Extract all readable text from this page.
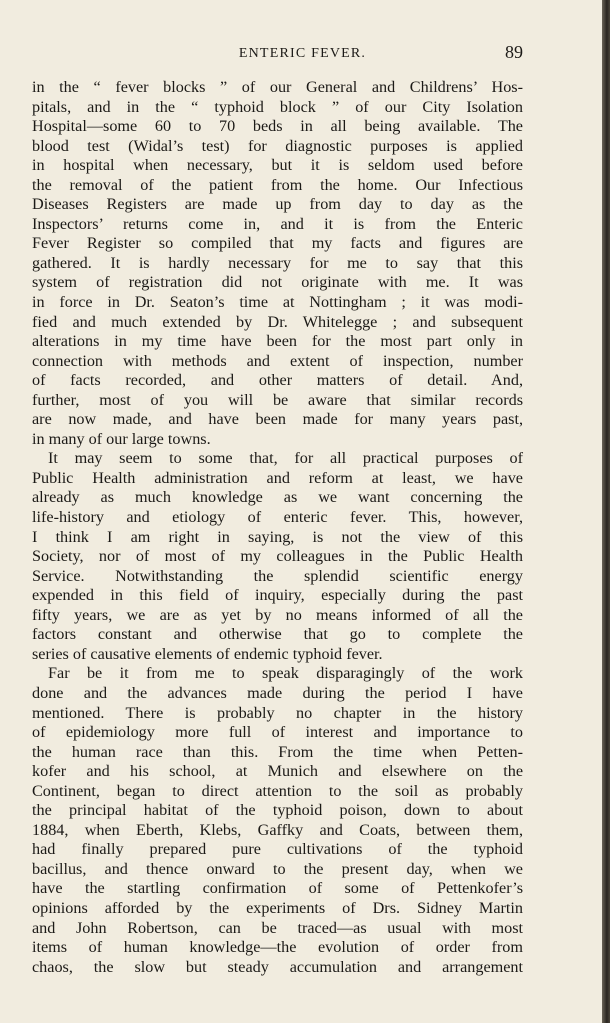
ENTERIC FEVER.	89
in the “ fever blocks ” of our General and Childrens’ Hos-
pitals, and in the “ typhoid block ” of our City Isolation
Hospital—some 60 to 70 beds in all being available. The
blood test (Widal’s test) for diagnostic purposes is applied
in hospital when necessary, but it is seldom used before
the removal of the patient from the home. Our Infectious
Diseases Registers are made up from day to day as the
Inspectors’ returns come in, and it is from the Enteric
Fever Register so compiled that my facts and figures are
gathered. It is hardly necessary for me to say that this
system of registration did not originate with me. It was
in force in Dr. Seaton’s time at Nottingham ; it was modi-
fied and much extended by Dr. Whitelegge ; and subsequent
alterations in my time have been for the most part only in
connection with methods and extent of inspection, number
of facts recorded, and other matters of detail. And,
further, most of you will be aware that similar records
are now made, and have been made for many years past,
in many of our large towns.
It may seem to some that, for all practical purposes of
Public Health administration and reform at least, we have
already as much knowledge as we want concerning the
life-history and etiology of enteric fever. This, however,
I think I am right in saying, is not the view of this
Society, nor of most of my colleagues in the Public Health
Service. Notwithstanding the splendid scientific energy
expended in this field of inquiry, especially during the past
fifty years, we are as yet by no means informed of all the
factors constant and otherwise that go to complete the
series of causative elements of endemic typhoid fever.
Far be it from me to speak disparagingly of the work
done and the advances made during the period I have
mentioned. There is probably no chapter in the history
of epidemiology more full of interest and importance to
the human race than this. From the time when Petten-
kofer and his school, at Munich and elsewhere on the
Continent, began to direct attention to the soil as probably
the principal habitat of the typhoid poison, down to about
1884, when Eberth, Klebs, Gaffky and Coats, between them,
had finally prepared pure cultivations of the typhoid
bacillus, and thence onward to the present day, when we
have the startling confirmation of some of Pettenkofer’s
opinions afforded by the experiments of Drs. Sidney Martin
and John Robertson, can be traced—as usual with most
items of human knowledge—the evolution of order from
chaos, the slow but steady accumulation and arrangement
